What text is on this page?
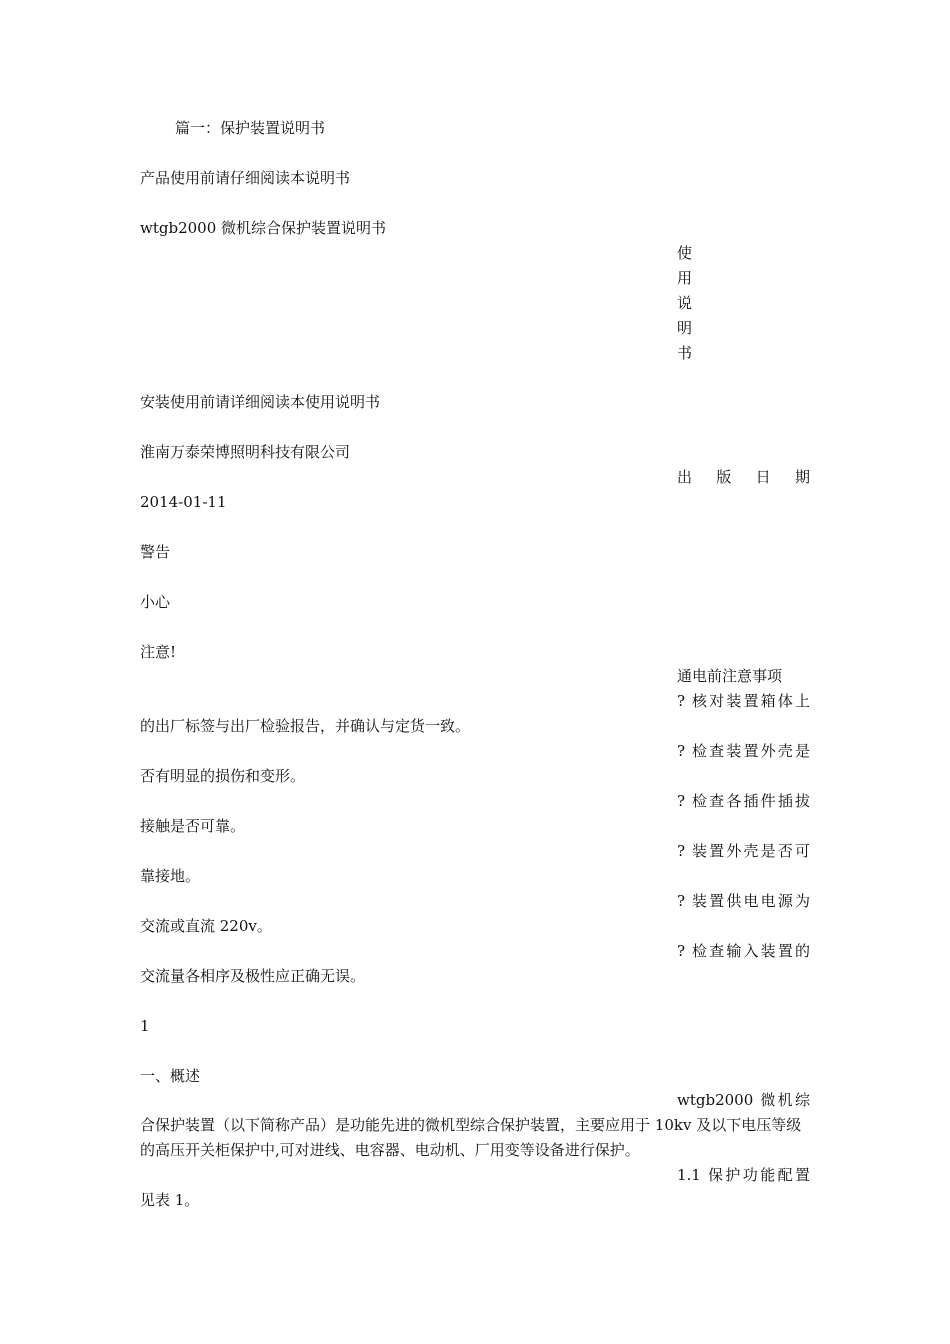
篇一：保护装置说明书
产品使用前请仔细阅读本说明书
wtgb2000 微机综合保护装置说明书
使
用
说
明
书
安装使用前请详细阅读本使用说明书
淮南万泰荣博照明科技有限公司
出 版 日 期
2014-01-11
警告
小心
注意!
通电前注意事项
? 核对装置箱体上
的出厂标签与出厂检验报告，并确认与定货一致。
? 检查装置外壳是
否有明显的损伤和变形。
? 检查各插件插拔
接触是否可靠。
? 装置外壳是否可
靠接地。
? 装置供电电源为
交流或直流 220v。
? 检查输入装置的
交流量各相序及极性应正确无误。
1
一、概述
wtgb2000 微机综
合保护装置（以下简称产品）是功能先进的微机型综合保护装置，主要应用于 10kv 及以下电压等级的高压开关柜保护中,可对进线、电容器、电动机、厂用变等设备进行保护。
1.1 保护功能配置
见表 1。
